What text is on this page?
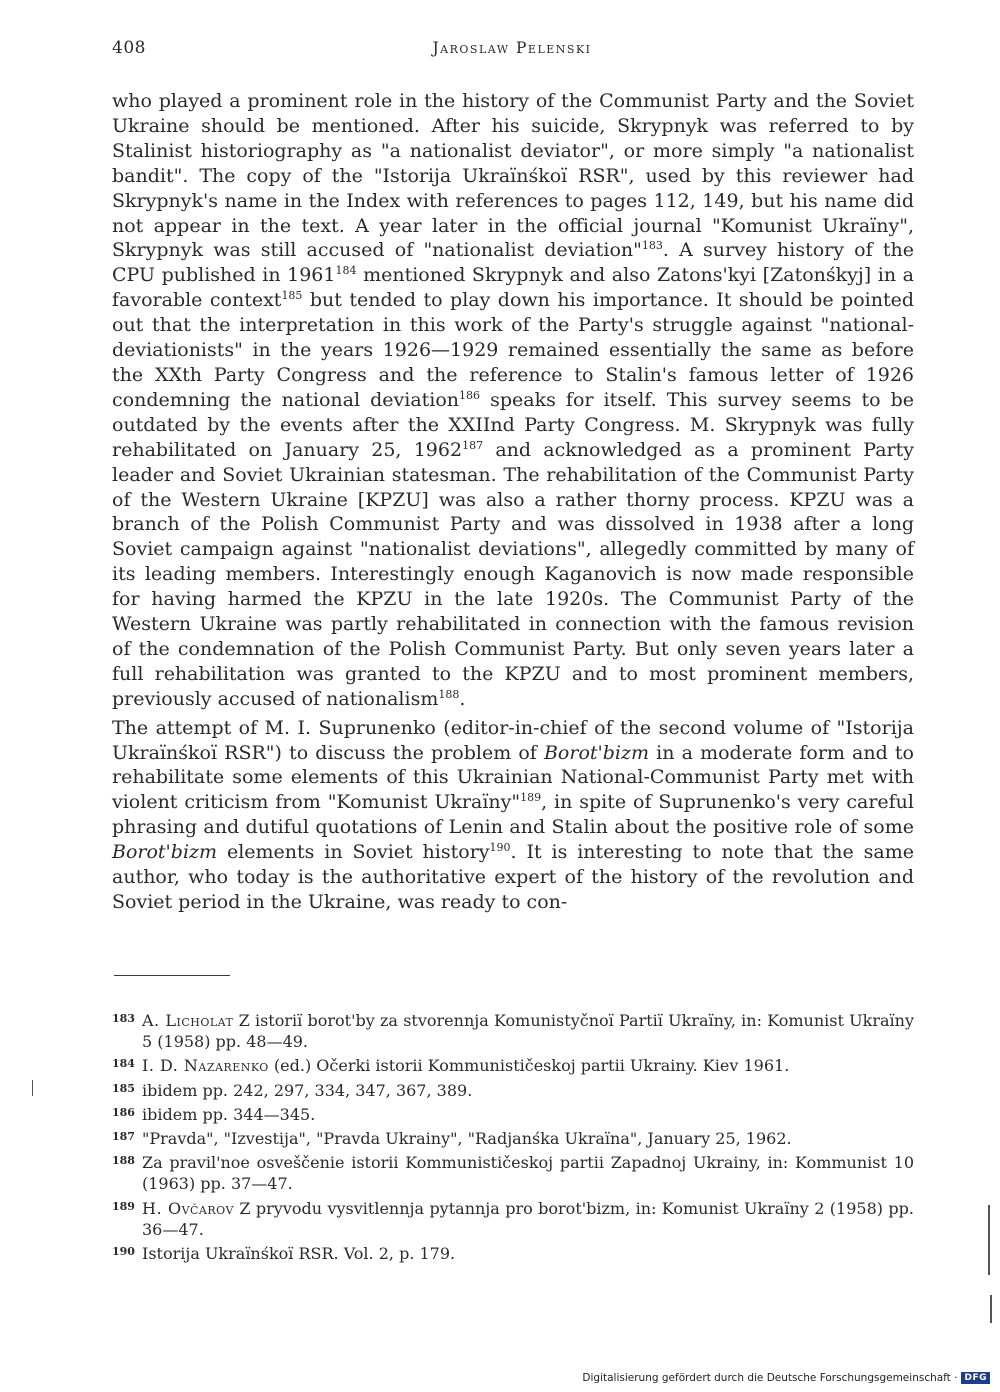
408	Jaroslaw Pelenski

who played a prominent role in the history of the Communist Party and the Soviet Ukraine should be mentioned. After his suicide, Skrypnyk was referred to by Stalinist historiography as "a nationalist deviator", or more simply "a nationalist bandit". The copy of the "Istorija Ukraïnśkoï RSR", used by this reviewer had Skrypnyk's name in the Index with references to pages 112, 149, but his name did not appear in the text. A year later in the official journal "Komunist Ukraïny", Skrypnyk was still accused of "nationalist deviation"$^{183}$. A survey history of the CPU published in 1961$^{184}$ mentioned Skrypnyk and also Zatons'kyi [Zatonśkyj] in a favorable context$^{185}$ but tended to play down his importance. It should be pointed out that the interpretation in this work of the Party's struggle against "national-deviationists" in the years 1926—1929 remained essentially the same as before the XXth Party Congress and the reference to Stalin's famous letter of 1926 condemning the national deviation$^{186}$ speaks for itself. This survey seems to be outdated by the events after the XXIInd Party Congress. M. Skrypnyk was fully rehabilitated on January 25, 1962$^{187}$ and acknowledged as a prominent Party leader and Soviet Ukrainian statesman. The rehabilitation of the Communist Party of the Western Ukraine [KPZU] was also a rather thorny process. KPZU was a branch of the Polish Communist Party and was dissolved in 1938 after a long Soviet campaign against "nationalist deviations", allegedly committed by many of its leading members. Interestingly enough Kaganovich is now made responsible for having harmed the KPZU in the late 1920s. The Communist Party of the Western Ukraine was partly rehabilitated in connection with the famous revision of the condemnation of the Polish Communist Party. But only seven years later a full rehabilitation was granted to the KPZU and to most prominent members, previously accused of nationalism$^{188}$.

The attempt of M. I. Suprunenko (editor-in-chief of the second volume of "Istorija Ukraïnśkoï RSR") to discuss the problem of Borot'bizm in a moderate form and to rehabilitate some elements of this Ukrainian National-Communist Party met with violent criticism from "Komunist Ukraïny"$^{189}$, in spite of Suprunenko's very careful phrasing and dutiful quotations of Lenin and Stalin about the positive role of some Borot'bizm elements in Soviet history$^{190}$. It is interesting to note that the same author, who today is the authoritative expert of the history of the revolution and Soviet period in the Ukraine, was ready to con-

183 A. Licholat Z istoriï borot'by za stvorennja Komunistyčnoï Partiï Ukraïny, in: Komunist Ukraïny 5 (1958) pp. 48—49.
184 I. D. Nazarenko (ed.) Očerki istorii Kommunističeskoj partii Ukrainy. Kiev 1961.
185 ibidem pp. 242, 297, 334, 347, 367, 389.
186 ibidem pp. 344—345.
187 "Pravda", "Izvestija", "Pravda Ukrainy", "Radjanśka Ukraïna", January 25, 1962.
188 Za pravil'noe osveščenie istorii Kommunističeskoj partii Zapadnoj Ukrainy, in: Kommunist 10 (1963) pp. 37—47.
189 H. Ovčarov Z pryvodu vysvitlennja pytannja pro borot'bizm, in: Komunist Ukraïny 2 (1958) pp. 36—47.
190 Istorija Ukraïnśkoï RSR. Vol. 2, p. 179.
Digitalisierung gefördert durch die Deutsche Forschungsgemeinschaft · DFG
